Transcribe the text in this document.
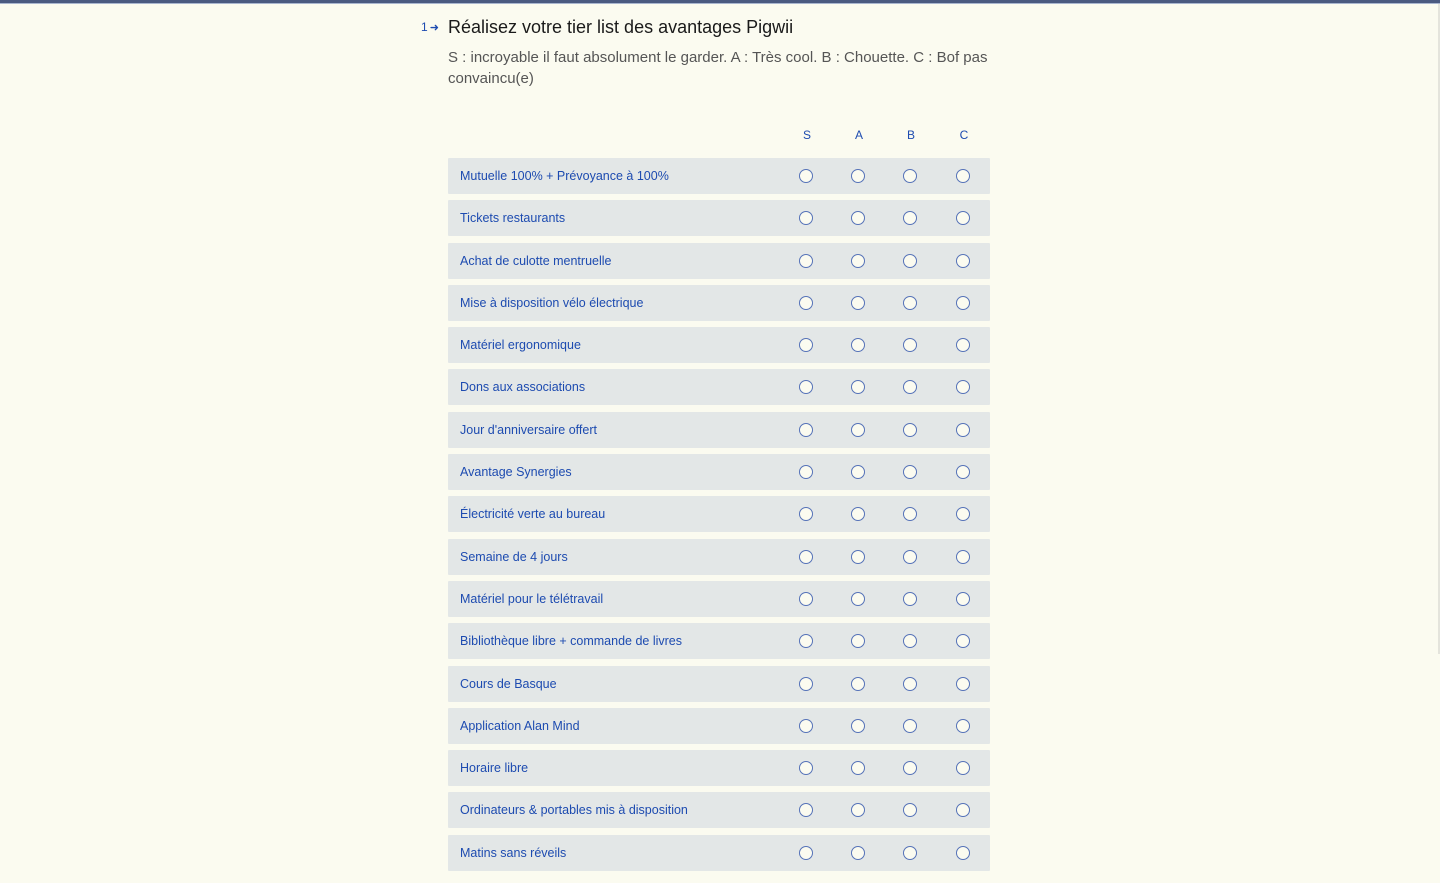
1 ➜ Réalisez votre tier list des avantages Pigwii
S : incroyable il faut absolument le garder. A : Très cool. B : Chouette. C : Bof pas convaincu(e)
S	A	B	C
Mutuelle 100% + Prévoyance à 100%
Tickets restaurants
Achat de culotte mentruelle
Mise à disposition vélo électrique
Matériel ergonomique
Dons aux associations
Jour d'anniversaire offert
Avantage Synergies
Électricité verte au bureau
Semaine de 4 jours
Matériel pour le télétravail
Bibliothèque libre + commande de livres
Cours de Basque
Application Alan Mind
Horaire libre
Ordinateurs & portables mis à disposition
Matins sans réveils
